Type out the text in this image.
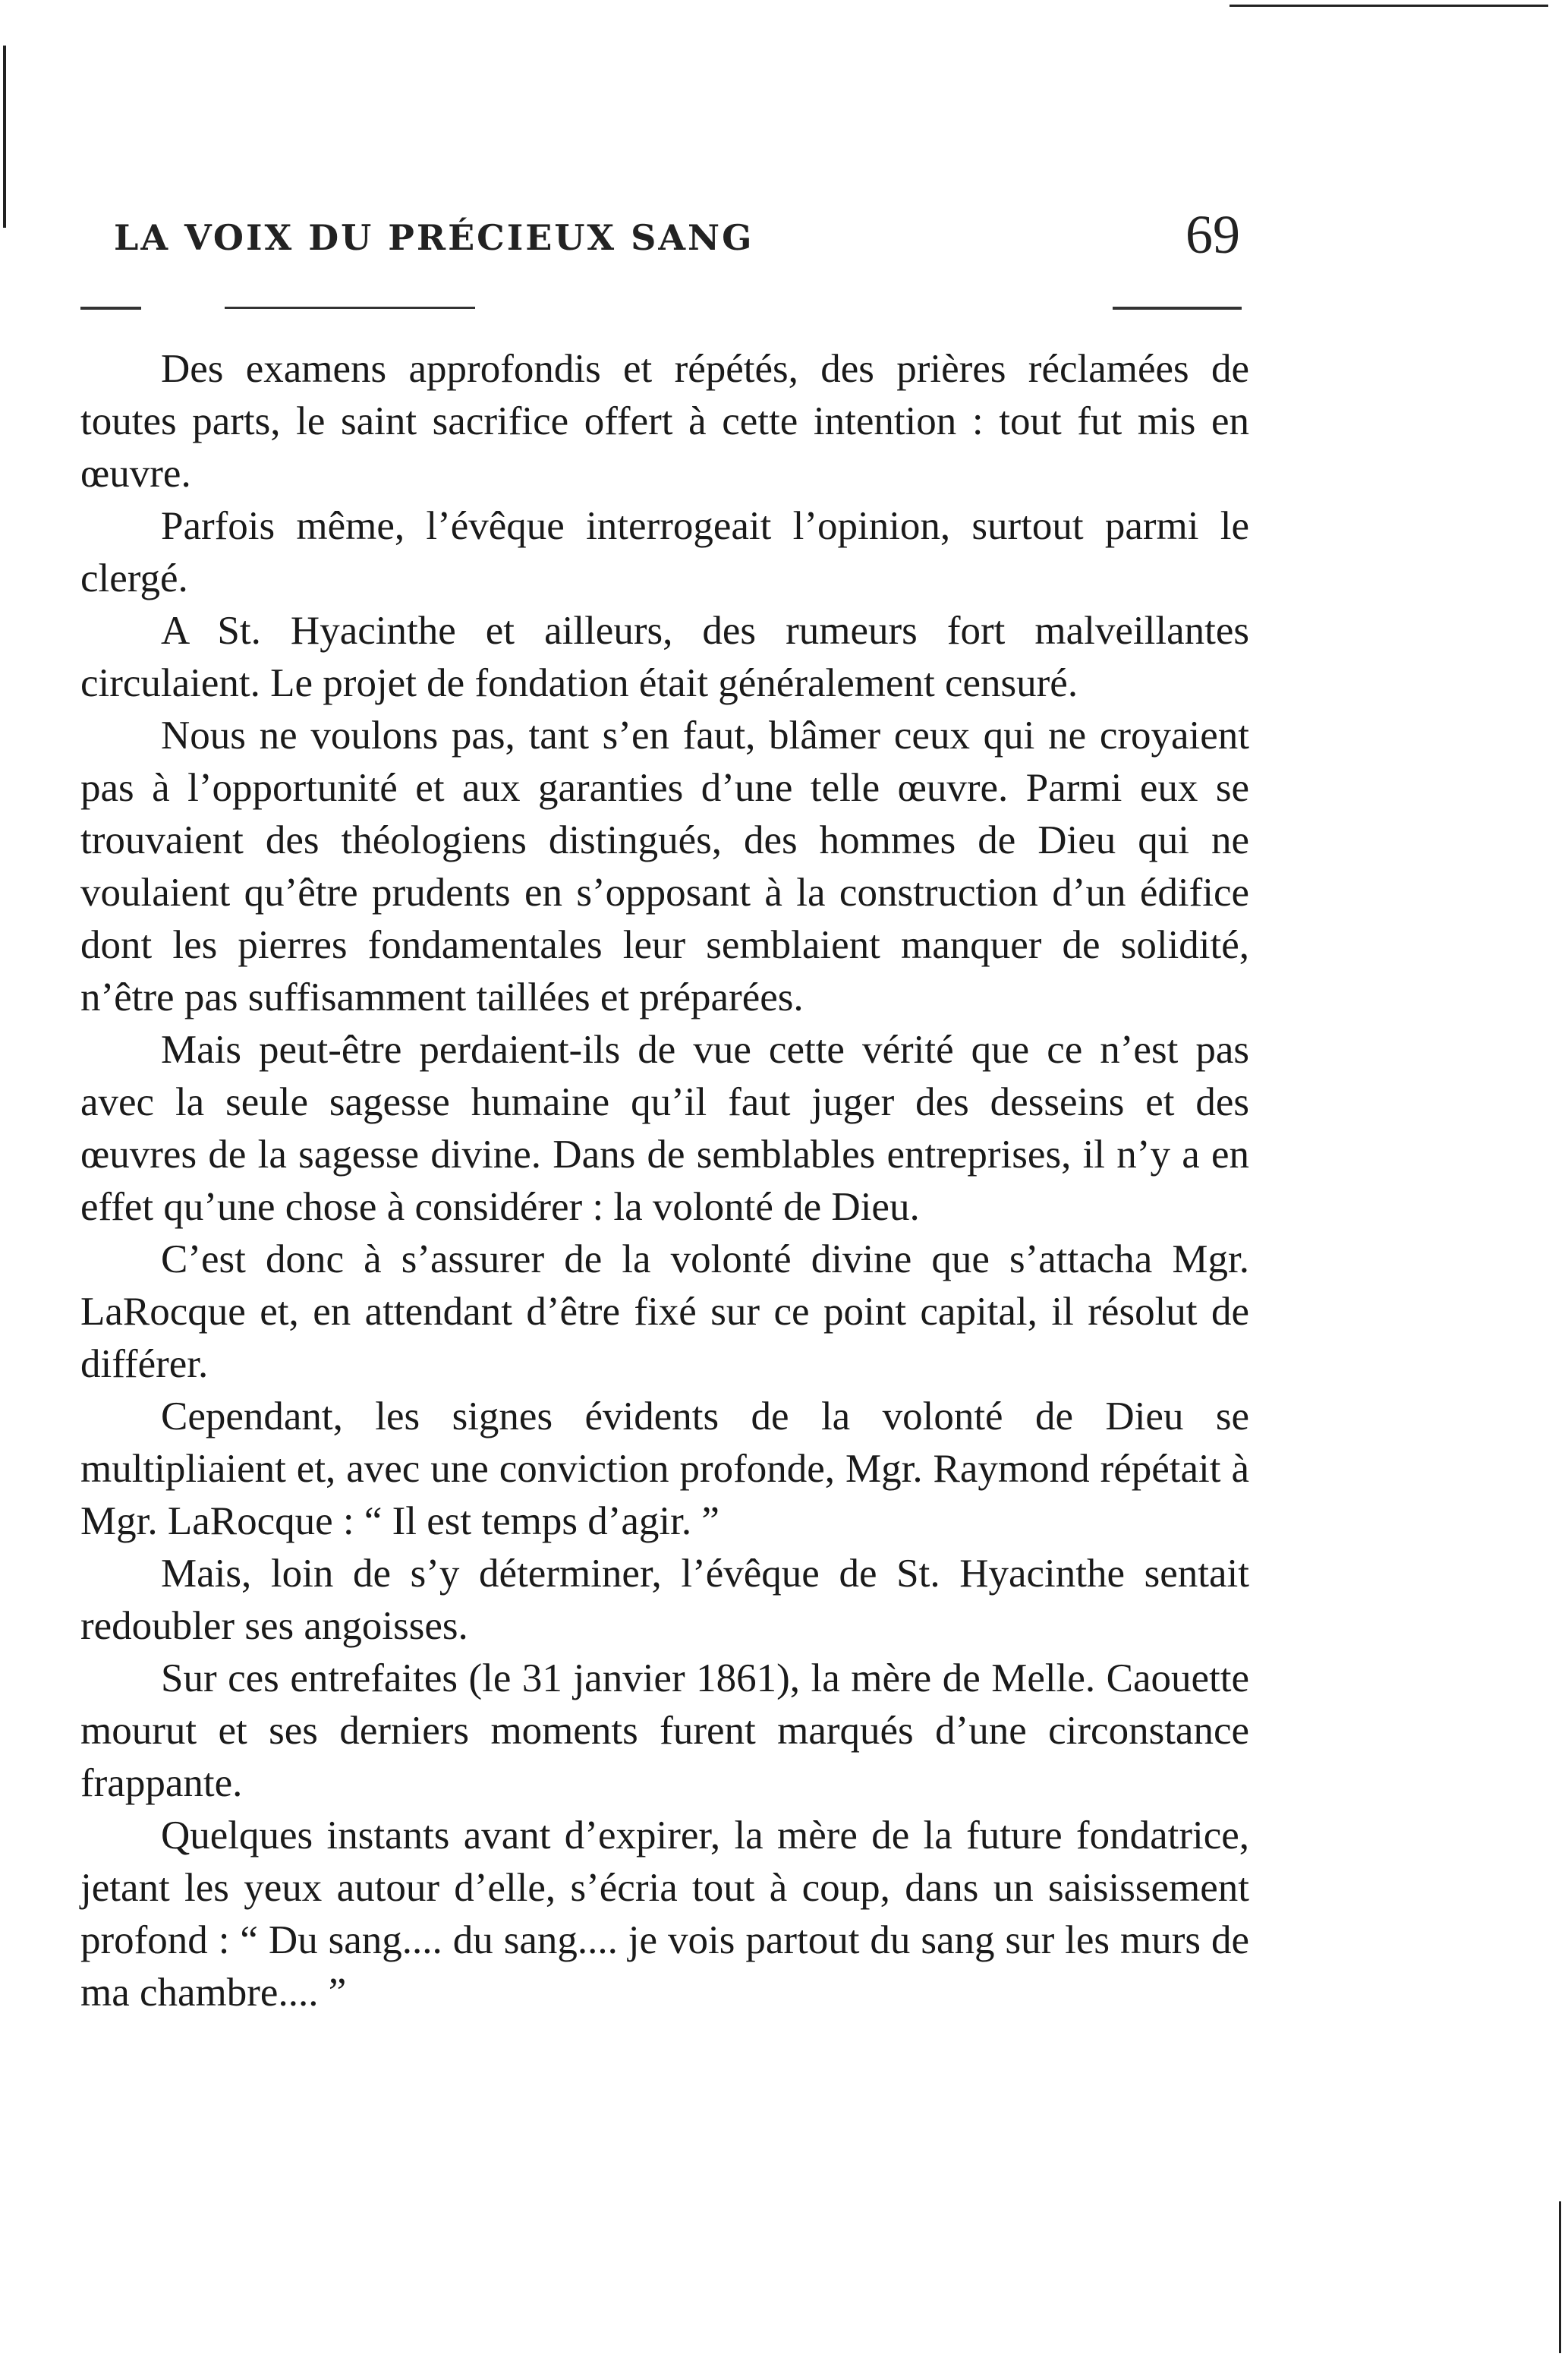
LA VOIX DU PRÉCIEUX SANG	69

Des examens approfondis et répétés, des prières réclamées de toutes parts, le saint sacrifice offert à cette intention : tout fut mis en œuvre.

Parfois même, l’évêque interrogeait l’opinion, surtout parmi le clergé.

A St. Hyacinthe et ailleurs, des rumeurs fort malveillantes circulaient. Le projet de fondation était généralement censuré.

Nous ne voulons pas, tant s’en faut, blâmer ceux qui ne croyaient pas à l’opportunité et aux garanties d’une telle œuvre. Parmi eux se trouvaient des théologiens distingués, des hommes de Dieu qui ne voulaient qu’être prudents en s’opposant à la construction d’un édifice dont les pierres fondamentales leur semblaient manquer de solidité, n’être pas suffisamment taillées et préparées.

Mais peut-être perdaient-ils de vue cette vérité que ce n’est pas avec la seule sagesse humaine qu’il faut juger des desseins et des œuvres de la sagesse divine. Dans de semblables entreprises, il n’y a en effet qu’une chose à considérer : la volonté de Dieu.

C’est donc à s’assurer de la volonté divine que s’attacha Mgr. LaRocque et, en attendant d’être fixé sur ce point capital, il résolut de différer.

Cependant, les signes évidents de la volonté de Dieu se multipliaient et, avec une conviction profonde, Mgr. Raymond répétait à Mgr. LaRocque : “ Il est temps d’agir. ”

Mais, loin de s’y déterminer, l’évêque de St. Hyacinthe sentait redoubler ses angoisses.

Sur ces entrefaites (le 31 janvier 1861), la mère de Melle. Caouette mourut et ses derniers moments furent marqués d’une circonstance frappante.

Quelques instants avant d’expirer, la mère de la future fondatrice, jetant les yeux autour d’elle, s’écria tout à coup, dans un saisissement profond : “ Du sang.... du sang.... je vois partout du sang sur les murs de ma chambre.... ”
